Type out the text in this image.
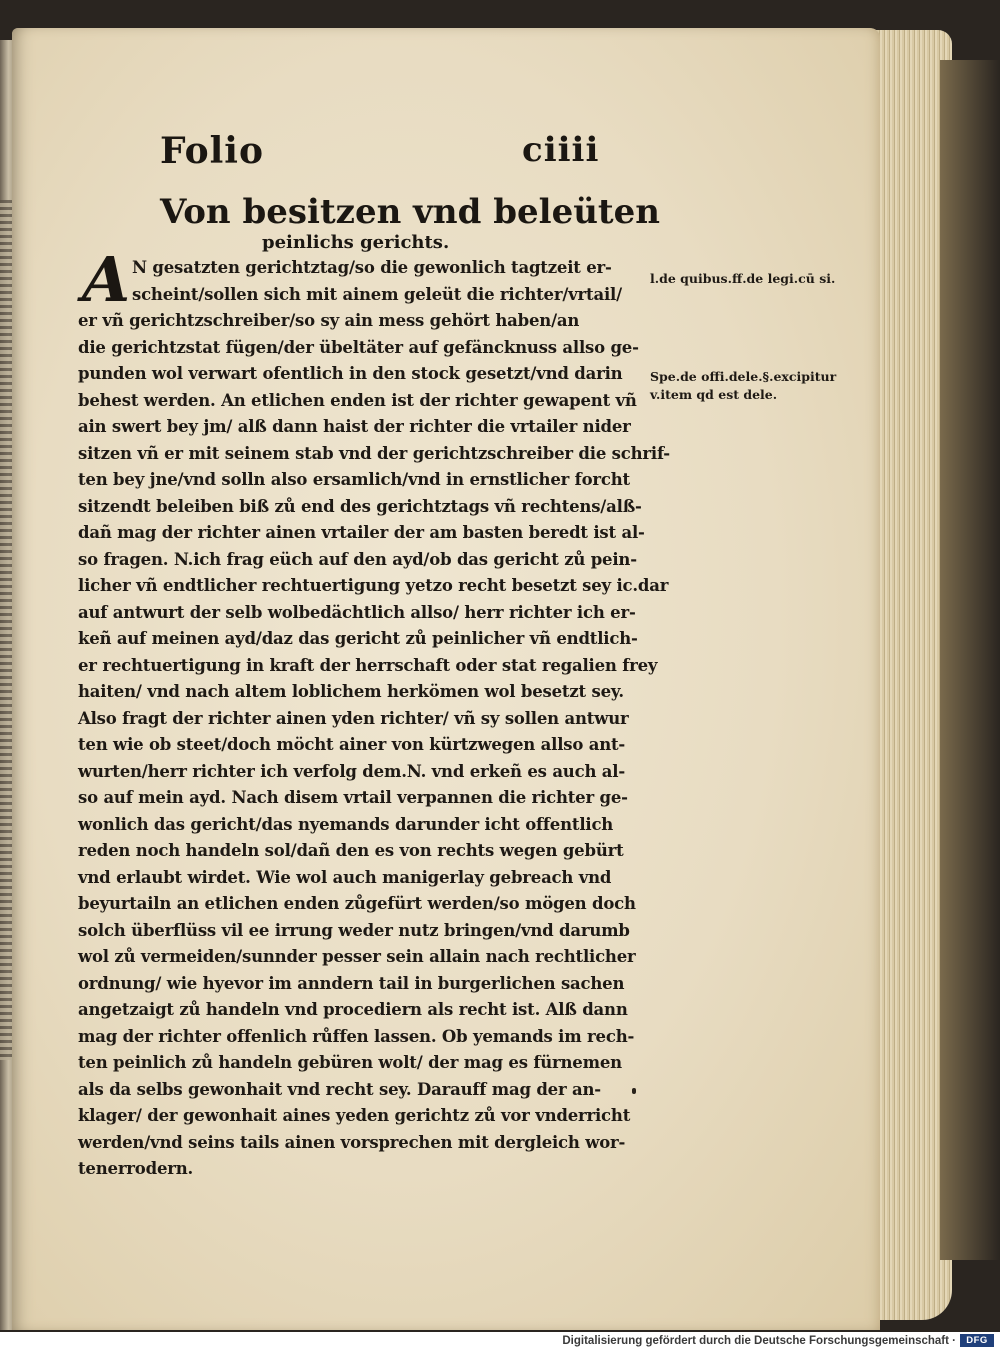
Folio	ciiii
Von besitzen vnd beleüten
peinlichs gerichts.
A N gesatzten gerichtztag/so die gewonlich tagtzeit er-
scheint/sollen sich mit ainem geleüt die richter/vrtail/
er vñ gerichtzschreiber/so sy ain mess gehört haben/an
die gerichtzstat fügen/der übeltäter auf gefäncknuss allso ge-
punden wol verwart ofentlich in den stock gesetzt/vnd darin
behest werden. An etlichen enden ist der richter gewapent vñ
ain swert bey jm/ alß dann haist der richter die vrtailer nider
sitzen vñ er mit seinem stab vnd der gerichtzschreiber die schrif-
ten bey jne/vnd solln also ersamlich/vnd in ernstlicher forcht
sitzendt beleiben biß zů end des gerichtztags vñ rechtens/alß-
dañ mag der richter ainen vrtailer der am basten beredt ist al-
so fragen. N.ich frag eüch auf den ayd/ob das gericht zů pein-
licher vñ endtlicher rechtuertigung yetzo recht besetzt sey ic.dar
auf antwurt der selb wolbedächtlich allso/ herr richter ich er-
keñ auf meinen ayd/daz das gericht zů peinlicher vñ endtlich-
er rechtuertigung in kraft der herrschaft oder stat regalien frey
haiten/ vnd nach altem loblichem herkömen wol besetzt sey.
Also fragt der richter ainen yden richter/ vñ sy sollen antwur
ten wie ob steet/doch möcht ainer von kürtzwegen allso ant-
wurten/herr richter ich verfolg dem.N. vnd erkeñ es auch al-
so auf mein ayd. Nach disem vrtail verpannen die richter ge-
wonlich das gericht/das nyemands darunder icht offentlich
reden noch handeln sol/dañ den es von rechts wegen gebürt
vnd erlaubt wirdet. Wie wol auch manigerlay gebreach vnd
beyurtailn an etlichen enden zůgefürt werden/so mögen doch
solch überflüss vil ee irrung weder nutz bringen/vnd darumb
wol zů vermeiden/sunnder pesser sein allain nach rechtlicher
ordnung/ wie hyevor im anndern tail in burgerlichen sachen
angetzaigt zů handeln vnd procediern als recht ist. Alß dann
mag der richter offenlich růffen lassen. Ob yemands im rech-
ten peinlich zů handeln gebüren wolt/ der mag es fürnemen
als da selbs gewonhait vnd recht sey. Darauff mag der an-
klager/ der gewonhait aines yeden gerichtz zů vor vnderricht
werden/vnd seins tails ainen vorsprechen mit dergleich wor-
tenerrodern.
l.de quibus.ff.de legi.cū si.
Spe.de offi.dele.§.excipitur
v.item qd est dele.
Digitalisierung gefördert durch die Deutsche Forschungsgemeinschaft ·	DFG
